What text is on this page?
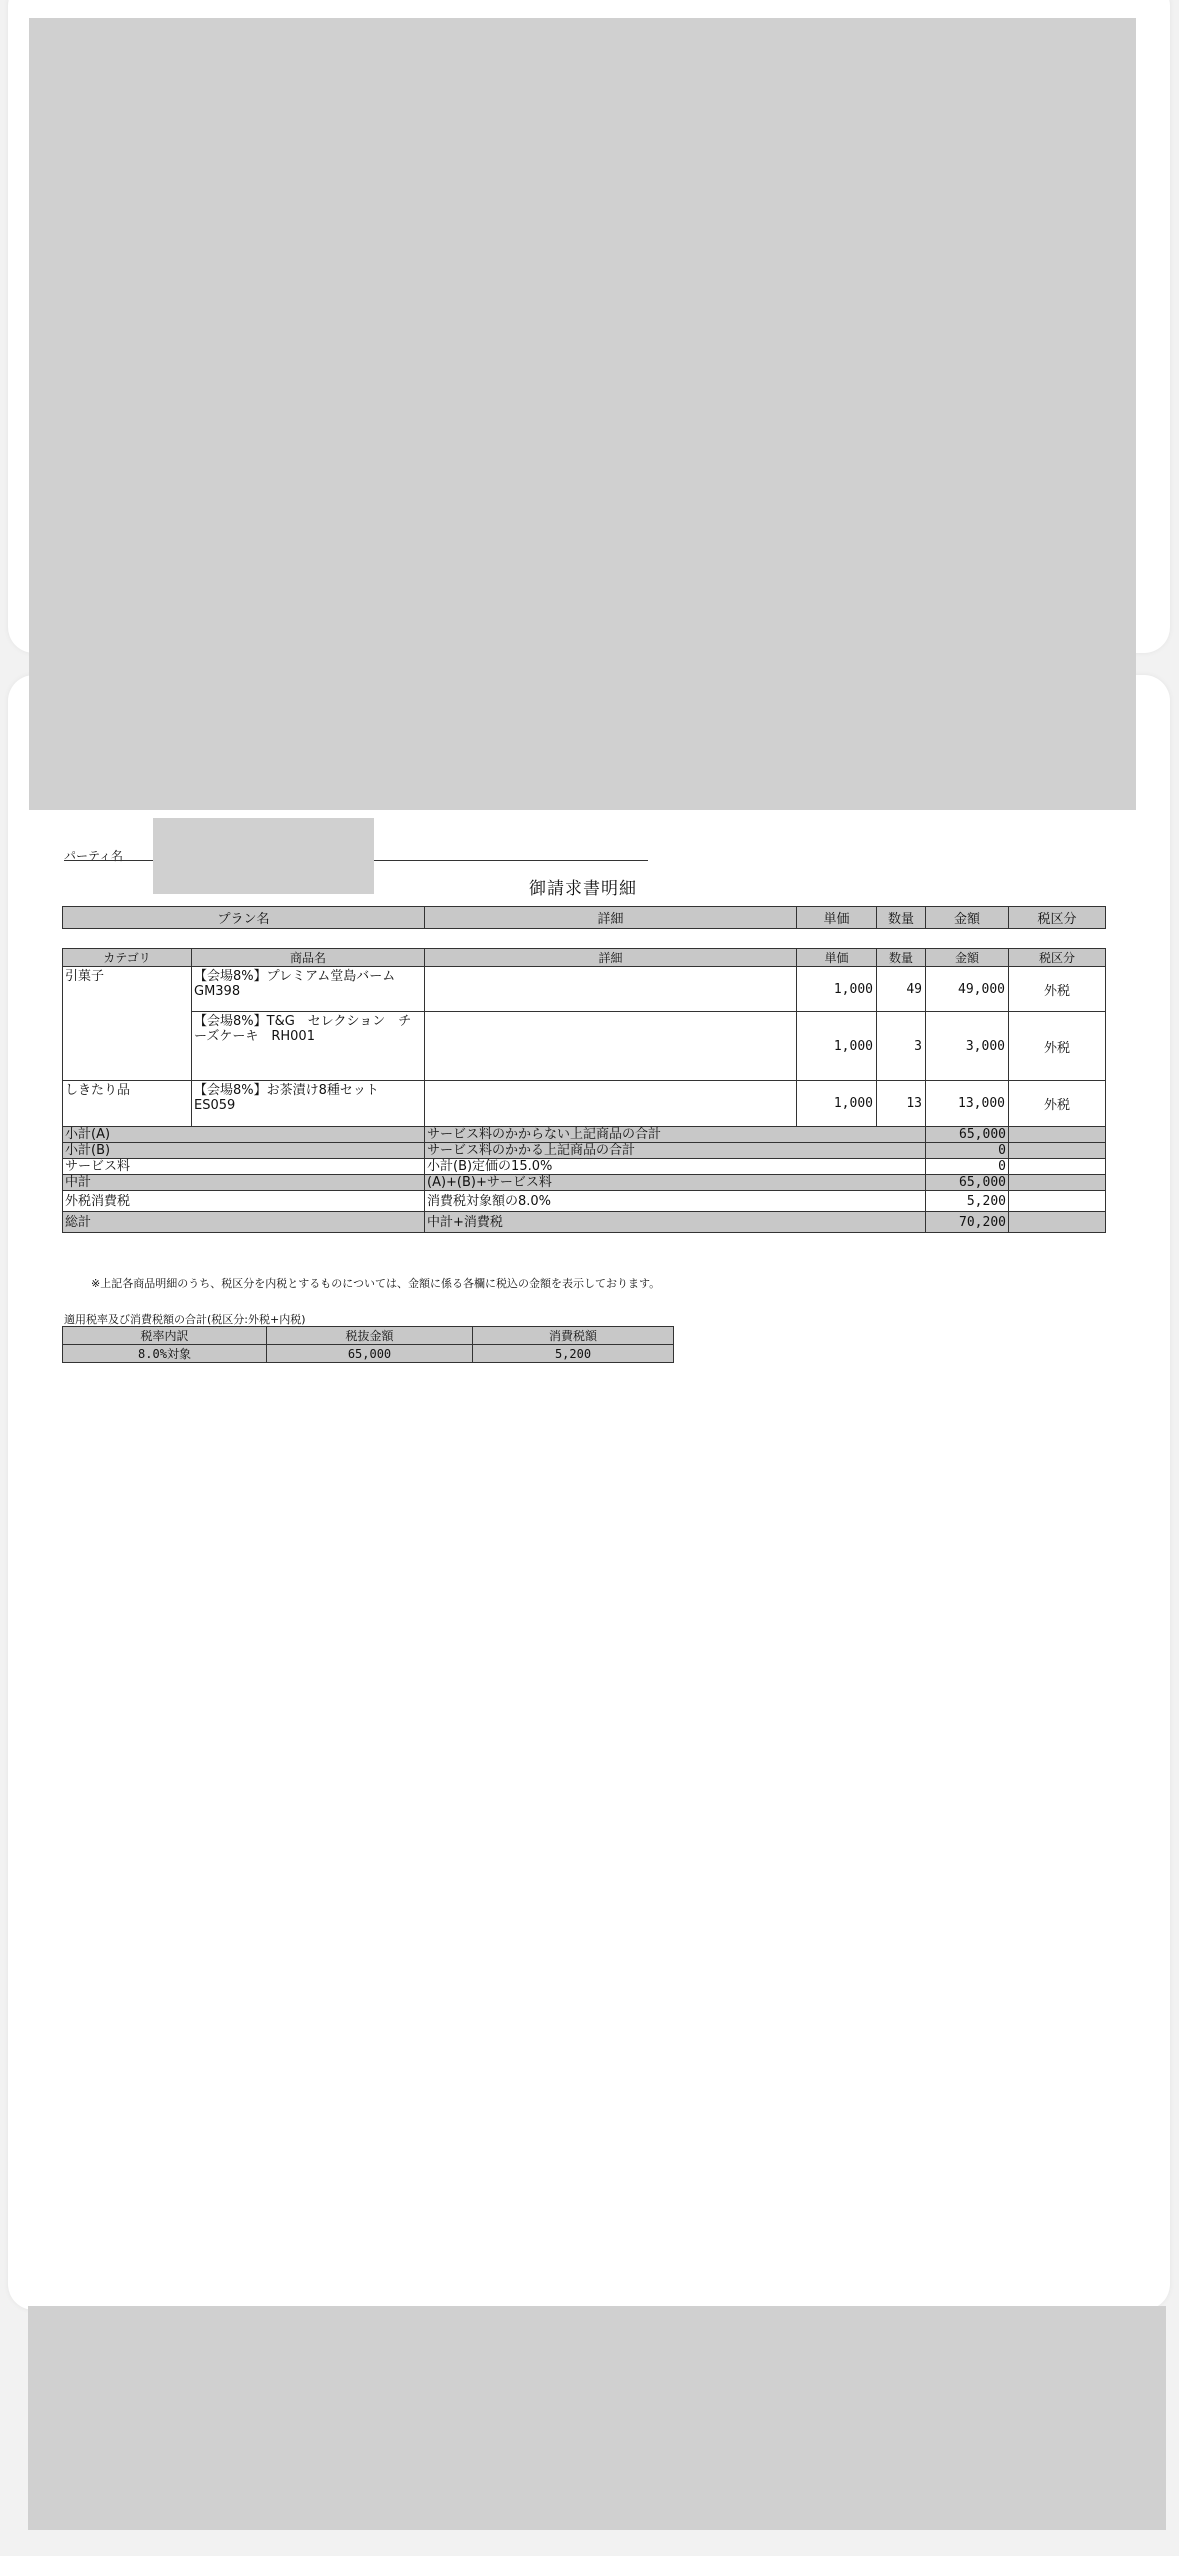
パーティ名
御請求書明細
プラン名	詳細	単価	数量	金額	税区分
カテゴリ	商品名	詳細	単価	数量	金額	税区分
引菓子	【会場8%】プレミアム堂島バーム GM398		1,000	49	49,000	外税
	【会場8%】T&G　セレクション　チーズケーキ　RH001		1,000	3	3,000	外税
しきたり品	【会場8%】お茶漬け8種セット　ES059		1,000	13	13,000	外税
小計(A)		サービス料のかからない上記商品の合計			65,000	
小計(B)		サービス料のかかる上記商品の合計			0	
サービス料		小計(B)定価の15.0%			0	
中計		(A)+(B)+サービス料			65,000	
外税消費税		消費税対象額の8.0%			5,200	
総計		中計+消費税			70,200	
※上記各商品明細のうち、税区分を内税とするものについては、金額に係る各欄に税込の金額を表示しております。
適用税率及び消費税額の合計(税区分:外税+内税)
税率内訳	税抜金額	消費税額
8.0%対象	65,000	5,200
